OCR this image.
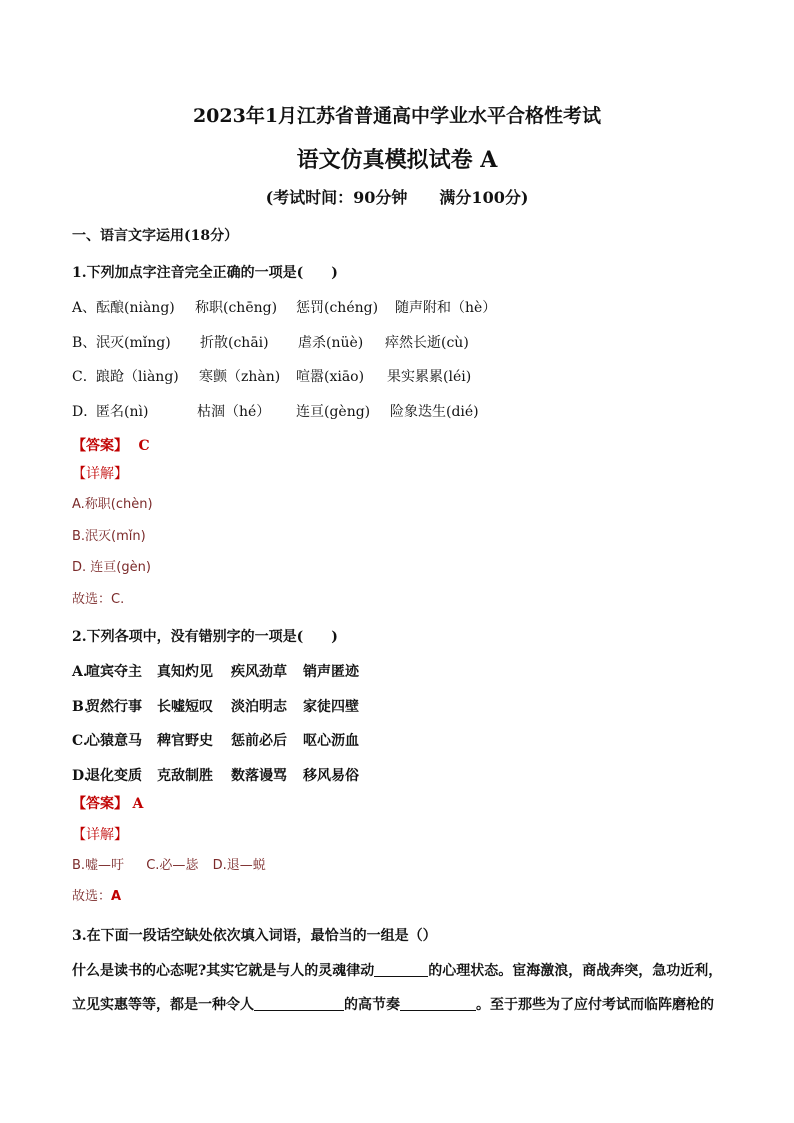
2023年1月江苏省普通高中学业水平合格性考试
语文仿真模拟试卷 A
(考试时间：90分钟　　满分100分)
一、语言文字运用(18分）
1.下列加点字注音完全正确的一项是(　　)
A、 酝酿(niàng) 称职(chēng) 惩罚(chéng) 随声附和（hè）
B、 泯灭(mǐng) 折散(chāi) 虐杀(nüè) 瘁然长逝(cù)
C． 踉跄（liàng) 寒颤（zhàn) 喧嚣(xiāo) 果实累累(léi)
D．
匿名(nì)	枯涸（hé） 连亘(gèng) 险象迭生(dié)
【答案】 C
【详解】
A.称职(chèn)
B.泯灭(mǐn)
D. 连亘(gèn)
故选：C.
2.下列各项中，没有错别字的一项是(　　)
A.
喧宾夺主 真知灼见 疾风劲草 销声匿迹
B.
贸然行事 长嘘短叹 淡泊明志 家徒四壁
C.
心猿意马 稗官野史 惩前必后 呕心沥血
D.
退化变质 克敌制胜 数落谩骂 移风易俗
【答案】 A
【详解】
B.嘘—吁 C.必—毖 D.退—蜕
故选：A
3.在下面一段话空缺处依次填入词语，最恰当的一组是（）
什么是读书的心态呢?其实它就是与人的灵魂律动	的心理状态。宦海激浪，商战奔突，急功近利，
立见实惠等等，都是一种令人	的高节奏	。至于那些为了应付考试而临阵磨枪的
